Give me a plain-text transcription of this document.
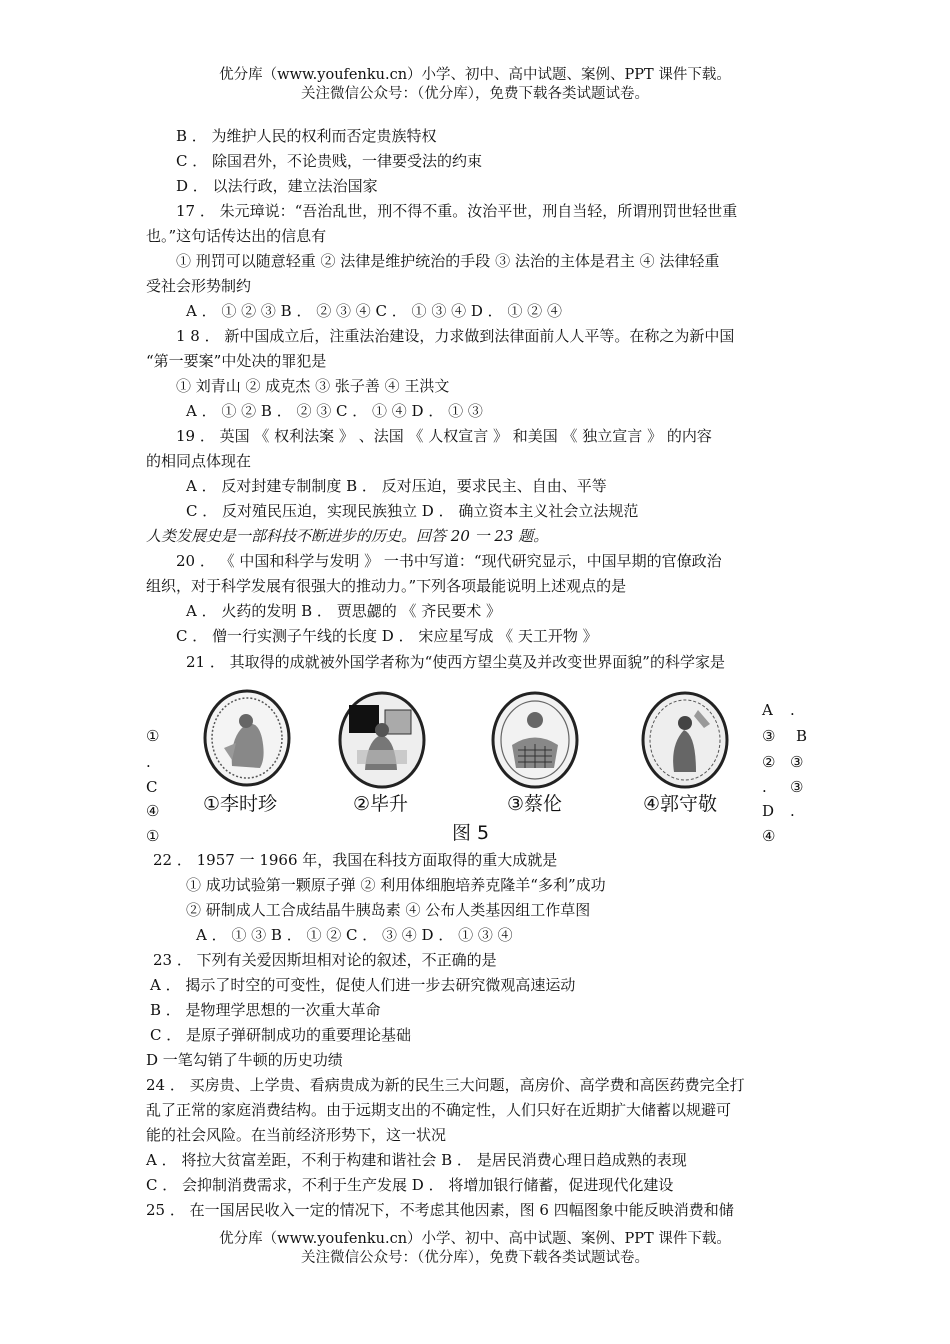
优分库（www.youfenku.cn）小学、初中、高中试题、案例、PPT 课件下载。
关注微信公众号：（优分库），免费下载各类试题试卷。
B ． 为维护人民的权利而否定贵族特权
C ． 除国君外，不论贵贱，一律要受法的约束
D ． 以法行政，建立法治国家
17 ． 朱元璋说：“吾治乱世，刑不得不重。汝治平世，刑自当轻，所谓刑罚世轻世重
也。”这句话传达出的信息有
① 刑罚可以随意轻重 ② 法律是维护统治的手段 ③ 法治的主体是君主 ④ 法律轻重
受社会形势制约
A ． ① ② ③ B ． ② ③ ④ C ． ① ③ ④ D ． ① ② ④
1 8 ． 新中国成立后，注重法治建设，力求做到法律面前人人平等。在称之为新中国
“第一要案”中处决的罪犯是
① 刘青山 ② 成克杰 ③ 张子善 ④ 王洪文
A ． ① ② B ． ② ③ C ． ① ④ D ． ① ③
19 ． 英国 《 权利法案 》 、法国 《 人权宣言 》 和美国 《 独立宣言 》 的内容
的相同点体现在
A ． 反对封建专制制度 B ． 反对压迫，要求民主、自由、平等
C ． 反对殖民压迫，实现民族独立 D ． 确立资本主义社会立法规范
人类发展史是一部科技不断进步的历史。回答 20 一 23 题。
20 ． 《 中国和科学与发明 》 一书中写道：“现代研究显示，中国早期的官僚政治
组织，对于科学发展有很强大的推动力。”下列各项最能说明上述观点的是
A ． 火药的发明 B ． 贾思勰的 《 齐民要术 》
C ． 僧一行实测子午线的长度 D ． 宋应星写成 《 天工开物 》
21 ． 其取得的成就被外国学者称为“使西方望尘莫及并改变世界面貌”的科学家是
①李时珍	②毕升	③蔡伦	④郭守敬
图 5
①
.
C
④
①
A
③
②
.
D
④
.
B
③
③
.
22 ． 1957 一 1966 年，我国在科技方面取得的重大成就是
① 成功试验第一颗原子弹 ② 利用体细胞培养克隆羊“多利”成功
② 研制成人工合成结晶牛胰岛素 ④ 公布人类基因组工作草图
A ． ① ③ B ． ① ② C ． ③ ④ D ． ① ③ ④
23 ． 下列有关爱因斯坦相对论的叙述，不正确的是
A ． 揭示了时空的可变性，促使人们进一步去研究微观高速运动
B ． 是物理学思想的一次重大革命
C ． 是原子弹研制成功的重要理论基础
D 一笔勾销了牛顿的历史功绩
24 ． 买房贵、上学贵、看病贵成为新的民生三大问题，高房价、高学费和高医药费完全打
乱了正常的家庭消费结构。由于远期支出的不确定性，人们只好在近期扩大储蓄以规避可
能的社会风险。在当前经济形势下，这一状况
A ． 将拉大贫富差距，不利于构建和谐社会 B ． 是居民消费心理日趋成熟的表现
C ． 会抑制消费需求，不利于生产发展 D ． 将增加银行储蓄，促进现代化建设
25 ． 在一国居民收入一定的情况下，不考虑其他因素，图 6 四幅图象中能反映消费和储
优分库（www.youfenku.cn）小学、初中、高中试题、案例、PPT 课件下载。
关注微信公众号：（优分库），免费下载各类试题试卷。
